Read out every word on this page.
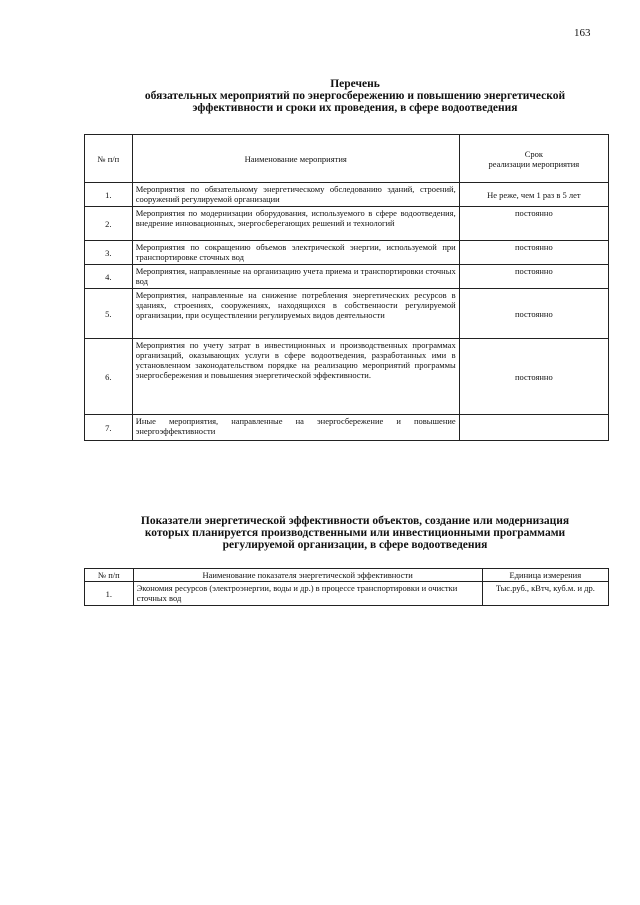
163
Перечень
обязательных мероприятий по энергосбережению и повышению энергетической
эффективности и сроки их проведения, в сфере водоотведения
№ п/п	Наименование мероприятия	Срок
реализации мероприятия

1.	Мероприятия по обязательному энергетическому обследованию зданий, строений, сооружений регулируемой организации	Не реже, чем 1 раз в 5 лет
2.	Мероприятия по модернизации оборудования, используемого в сфере водоотведения, внедрение инновационных, энергосберегающих решений и технологий	постоянно
3.	Мероприятия по сокращению объемов электрической энергии, используемой при транспортировке сточных вод	постоянно
4.	Мероприятия, направленные на организацию учета приема и транспортировки сточных вод	постоянно
5.	Мероприятия, направленные на снижение потребления энергетических ресурсов в зданиях, строениях, сооружениях, находящихся в собственности регулируемой организации, при осуществлении регулируемых видов деятельности	постоянно
6.	Мероприятия по учету затрат в инвестиционных и производственных программах организаций, оказывающих услуги в сфере водоотведения, разработанных ими в установленном законодательством порядке на реализацию мероприятий программы энергосбережения и повышения энергетической эффективности.	постоянно
7.	Иные мероприятия, направленные на энергосбережение и повышение энергоэффективности	
Показатели энергетической эффективности объектов, создание или модернизация
которых планируется производственными или инвестиционными программами
регулируемой организации, в сфере водоотведения
№ п/п	Наименование показателя энергетической эффективности	Единица измерения
1.	Экономия ресурсов (электроэнергии, воды и др.) в процессе транспортировки и очистки сточных вод	Тыс.руб., кВтч, куб.м. и др.
